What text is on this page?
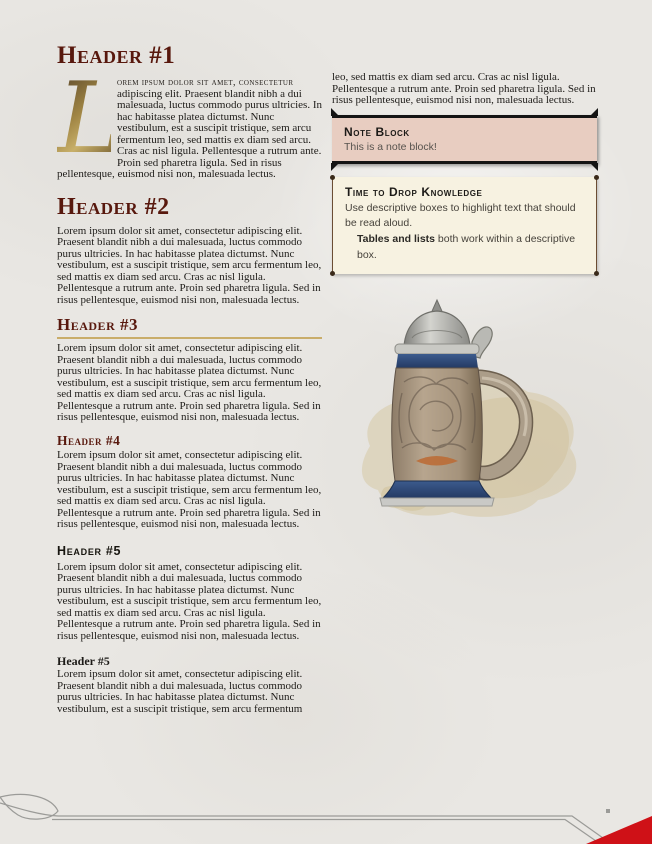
Header #1

L
orem ipsum dolor sit amet, consectetur
adipiscing elit. Praesent blandit nibh a dui malesuada, luctus commodo purus ultricies. In hac habitasse platea dictumst. Nunc vestibulum, est a suscipit tristique, sem arcu fermentum leo, sed mattis ex diam sed arcu. Cras ac nisl ligula. Pellentesque a rutrum ante. Proin sed pharetra ligula. Sed in risus pellentesque, euismod nisi non, malesuada lectus.

Header #2

Lorem ipsum dolor sit amet, consectetur adipiscing elit. Praesent blandit nibh a dui malesuada, luctus commodo purus ultricies. In hac habitasse platea dictumst. Nunc vestibulum, est a suscipit tristique, sem arcu fermentum leo, sed mattis ex diam sed arcu. Cras ac nisl ligula. Pellentesque a rutrum ante. Proin sed pharetra ligula. Sed in risus pellentesque, euismod nisi non, malesuada lectus.

Header #3

Lorem ipsum dolor sit amet, consectetur adipiscing elit. Praesent blandit nibh a dui malesuada, luctus commodo purus ultricies. In hac habitasse platea dictumst. Nunc vestibulum, est a suscipit tristique, sem arcu fermentum leo, sed mattis ex diam sed arcu. Cras ac nisl ligula. Pellentesque a rutrum ante. Proin sed pharetra ligula. Sed in risus pellentesque, euismod nisi non, malesuada lectus.

Header #4

Lorem ipsum dolor sit amet, consectetur adipiscing elit. Praesent blandit nibh a dui malesuada, luctus commodo purus ultricies. In hac habitasse platea dictumst. Nunc vestibulum, est a suscipit tristique, sem arcu fermentum leo, sed mattis ex diam sed arcu. Cras ac nisl ligula. Pellentesque a rutrum ante. Proin sed pharetra ligula. Sed in risus pellentesque, euismod nisi non, malesuada lectus.

Header #5

Lorem ipsum dolor sit amet, consectetur adipiscing elit. Praesent blandit nibh a dui malesuada, luctus commodo purus ultricies. In hac habitasse platea dictumst. Nunc vestibulum, est a suscipit tristique, sem arcu fermentum leo, sed mattis ex diam sed arcu. Cras ac nisl ligula. Pellentesque a rutrum ante. Proin sed pharetra ligula. Sed in risus pellentesque, euismod nisi non, malesuada lectus.

Header #5

Lorem ipsum dolor sit amet, consectetur adipiscing elit. Praesent blandit nibh a dui malesuada, luctus commodo purus ultricies. In hac habitasse platea dictumst. Nunc vestibulum, est a suscipit tristique, sem arcu fermentum

leo, sed mattis ex diam sed arcu. Cras ac nisl ligula. Pellentesque a rutrum ante. Proin sed pharetra ligula. Sed in risus pellentesque, euismod nisi non, malesuada lectus.

Note Block
This is a note block!
Time to Drop Knowledge

Use descriptive boxes to highlight text that should be read aloud.

Tables and lists both work within a descriptive box.
